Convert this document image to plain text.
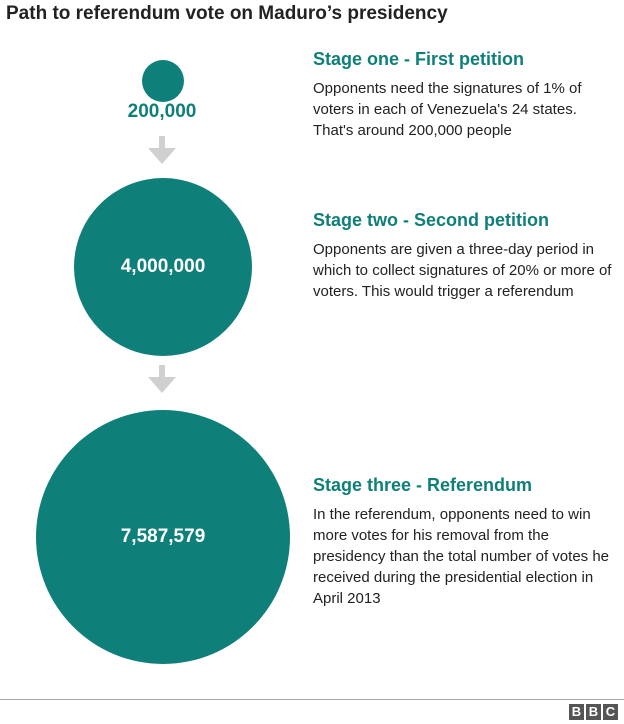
Path to referendum vote on Maduro’s presidency
200,000
4,000,000
7,587,579

Stage one - First petition

Opponents need the signatures of 1% of voters in each of Venezuela's 24 states. That's around 200,000 people

Stage two - Second petition

Opponents are given a three-day period in which to collect signatures of 20% or more of voters. This would trigger a referendum

Stage three - Referendum

In the referendum, opponents need to win more votes for his removal from the presidency than the total number of votes he received during the presidential election in April 2013

B B C
